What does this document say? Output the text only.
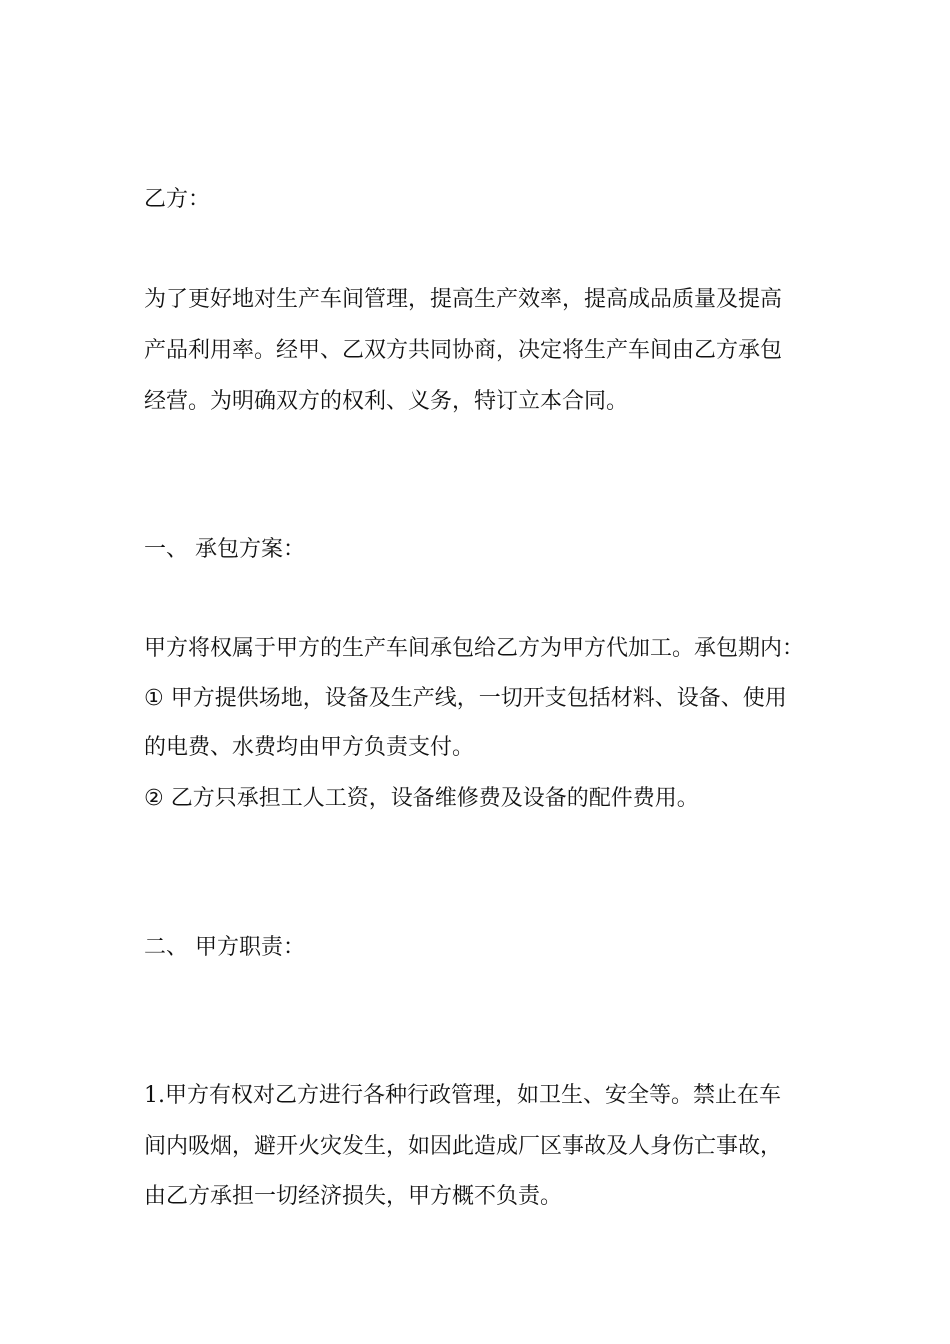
乙方：
为了更好地对生产车间管理，提高生产效率，提高成品质量及提高
产品利用率。经甲、乙双方共同协商，决定将生产车间由乙方承包
经营。为明确双方的权利、义务，特订立本合同。
一、 承包方案：
甲方将权属于甲方的生产车间承包给乙方为甲方代加工。承包期内：
① 甲方提供场地，设备及生产线，一切开支包括材料、设备、使用
的电费、水费均由甲方负责支付。
② 乙方只承担工人工资，设备维修费及设备的配件费用。
二、 甲方职责：
1.甲方有权对乙方进行各种行政管理，如卫生、安全等。禁止在车
间内吸烟，避开火灾发生，如因此造成厂区事故及人身伤亡事故，
由乙方承担一切经济损失，甲方概不负责。
